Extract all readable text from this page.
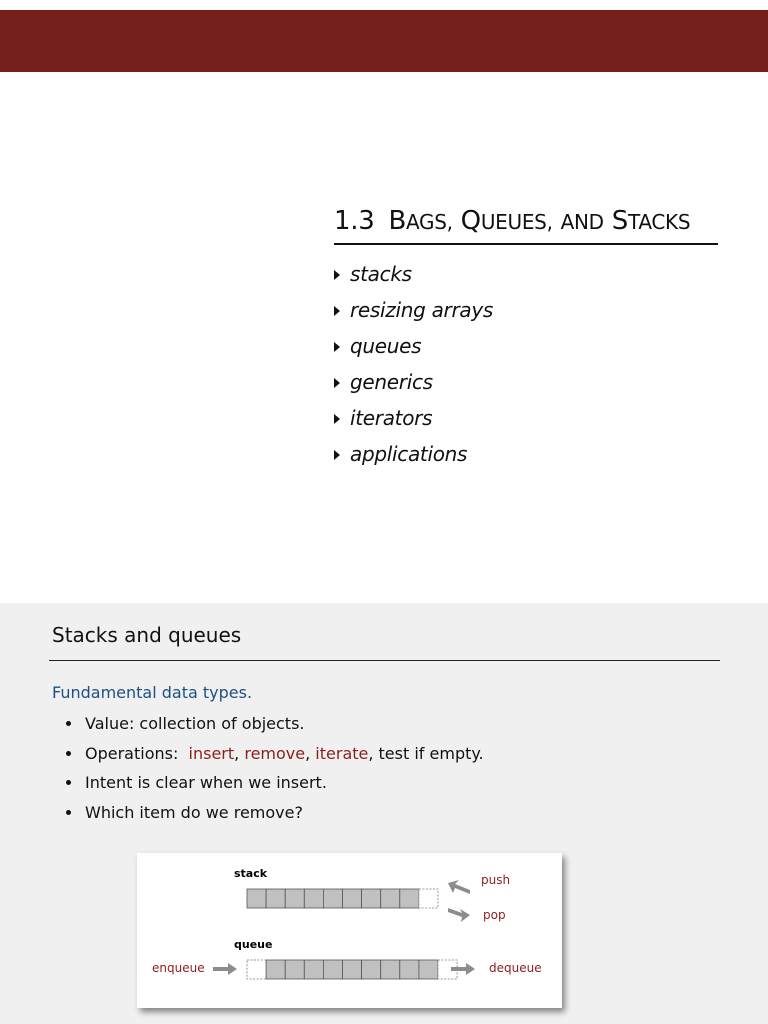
1.3 BAGS, QUEUES, AND STACKS
stacks
resizing arrays
queues
generics
iterators
applications
Stacks and queues
Fundamental data types.
Value: collection of objects.
Operations: insert, remove, iterate, test if empty.
Intent is clear when we insert.
Which item do we remove?
stack
queue
push
pop
enqueue	dequeue
